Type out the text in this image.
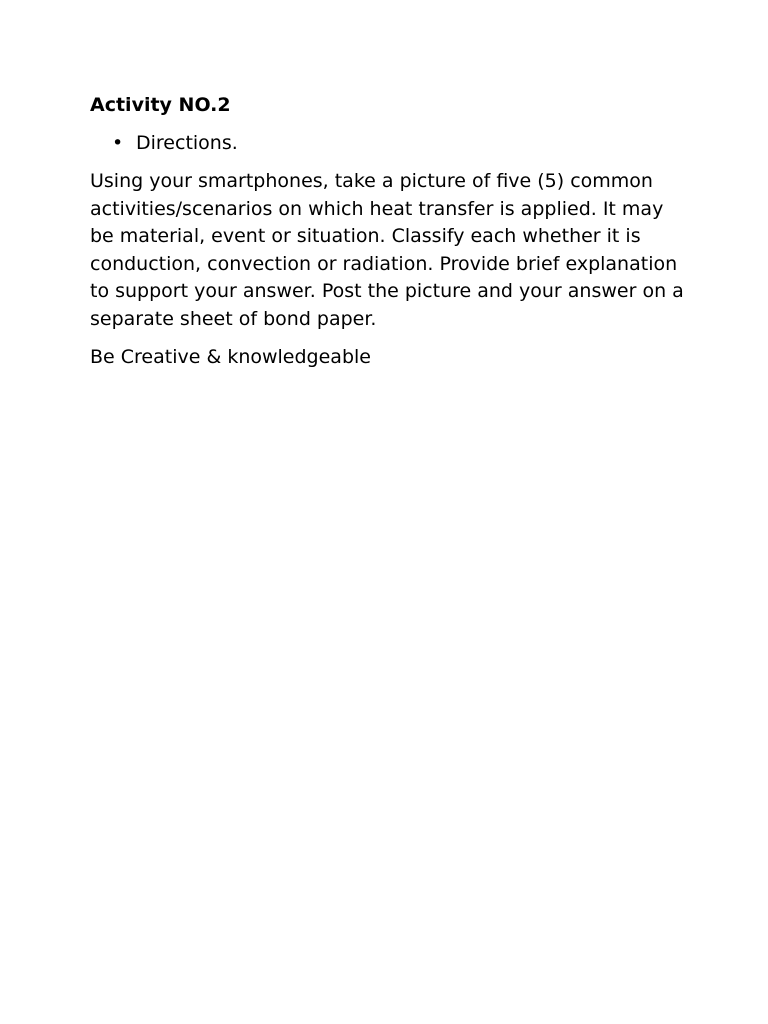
Activity NO.2
• Directions.

Using your smartphones, take a picture of five (5) common activities/scenarios on which heat transfer is applied. It may be material, event or situation. Classify each whether it is conduction, convection or radiation. Provide brief explanation to support your answer. Post the picture and your answer on a separate sheet of bond paper.

Be Creative & knowledgeable
